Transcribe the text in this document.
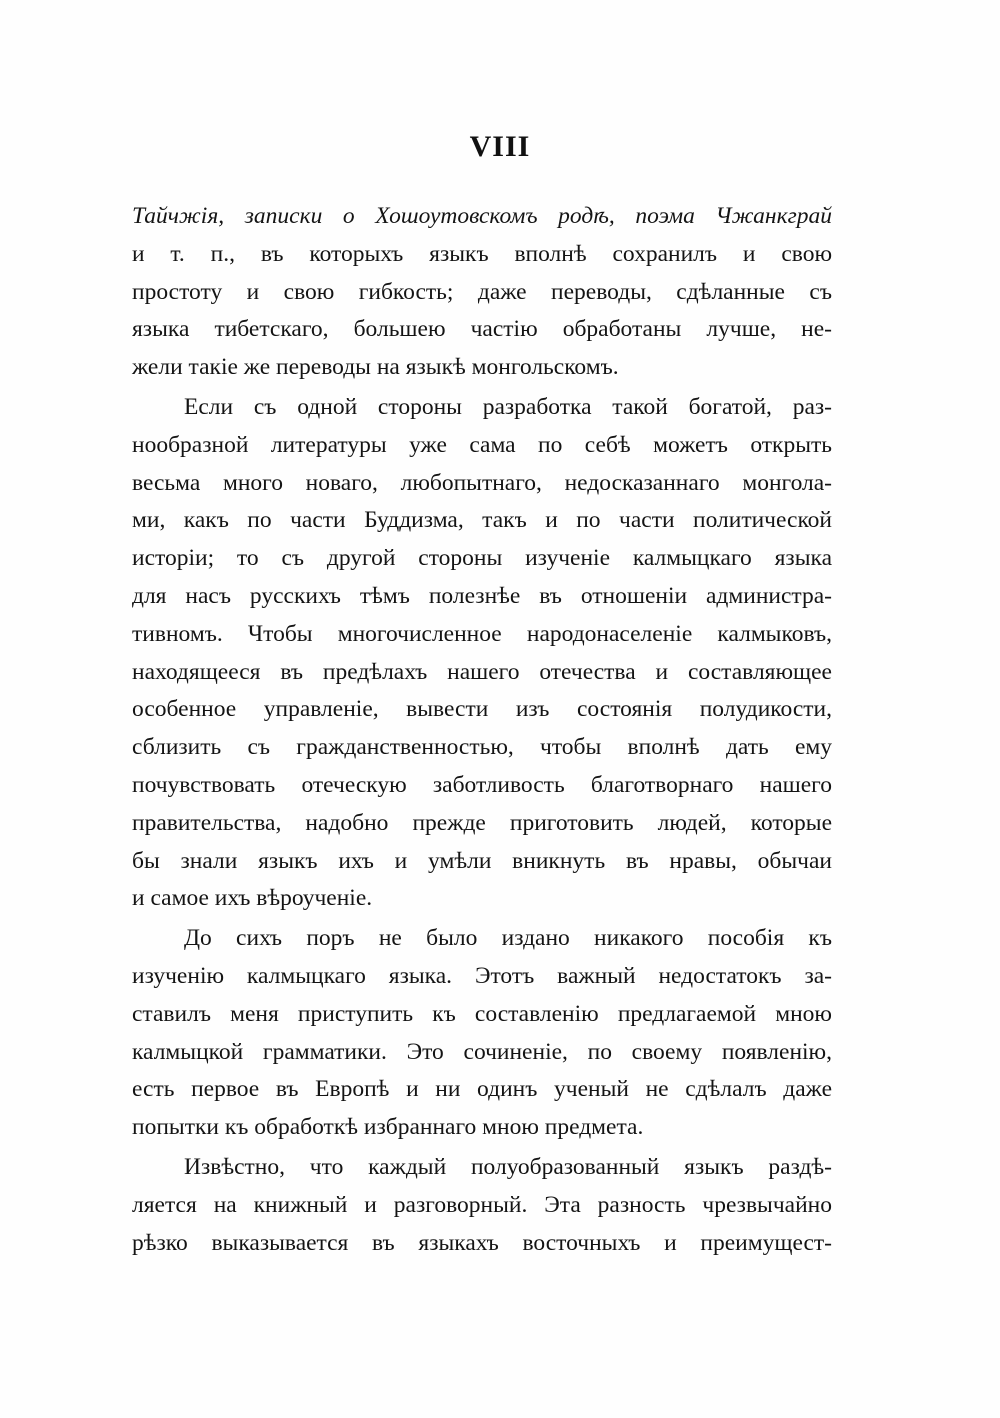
VIII
Тайчжія, записки о Хошоутовскомъ родѣ, поэма Чжанкграй
и т. п., въ которыхъ языкъ вполнѣ сохранилъ и свою
простоту и свою гибкость; даже переводы, сдѣланные съ
языка тибетскаго, большею частію обработаны лучше, не-
жели такіе же переводы на языкѣ монгольскомъ.
Если съ одной стороны разработка такой богатой, раз-
нообразной литературы уже сама по себѣ можетъ открыть
весьма много новаго, любопытнаго, недосказаннаго монгола-
ми, какъ по части Буддизма, такъ и по части политической
исторіи; то съ другой стороны изученіе калмыцкаго языка
для насъ русскихъ тѣмъ полезнѣе въ отношеніи администра-
тивномъ. Чтобы многочисленное народонаселеніе калмыковъ,
находящееся въ предѣлахъ нашего отечества и составляющее
особенное управленіе, вывести изъ состоянія полудикости,
сблизить съ гражданственностью, чтобы вполнѣ дать ему
почувствовать отеческую заботливость благотворнаго нашего
правительства, надобно прежде приготовить людей, которые
бы знали языкъ ихъ и умѣли вникнуть въ нравы, обычаи
и самое ихъ вѣроученіе.
До сихъ поръ не было издано никакого пособія къ
изученію калмыцкаго языка. Этотъ важный недостатокъ за-
ставилъ меня приступить къ составленію предлагаемой мною
калмыцкой грамматики. Это сочиненіе, по своему появленію,
есть первое въ Европѣ и ни одинъ ученый не сдѣлалъ даже
попытки къ обработкѣ избраннаго мною предмета.
Извѣстно, что каждый полуобразованный языкъ раздѣ-
ляется на книжный и разговорный. Эта разность чрезвычайно
рѣзко выказывается въ языкахъ восточныхъ и преимущест-
